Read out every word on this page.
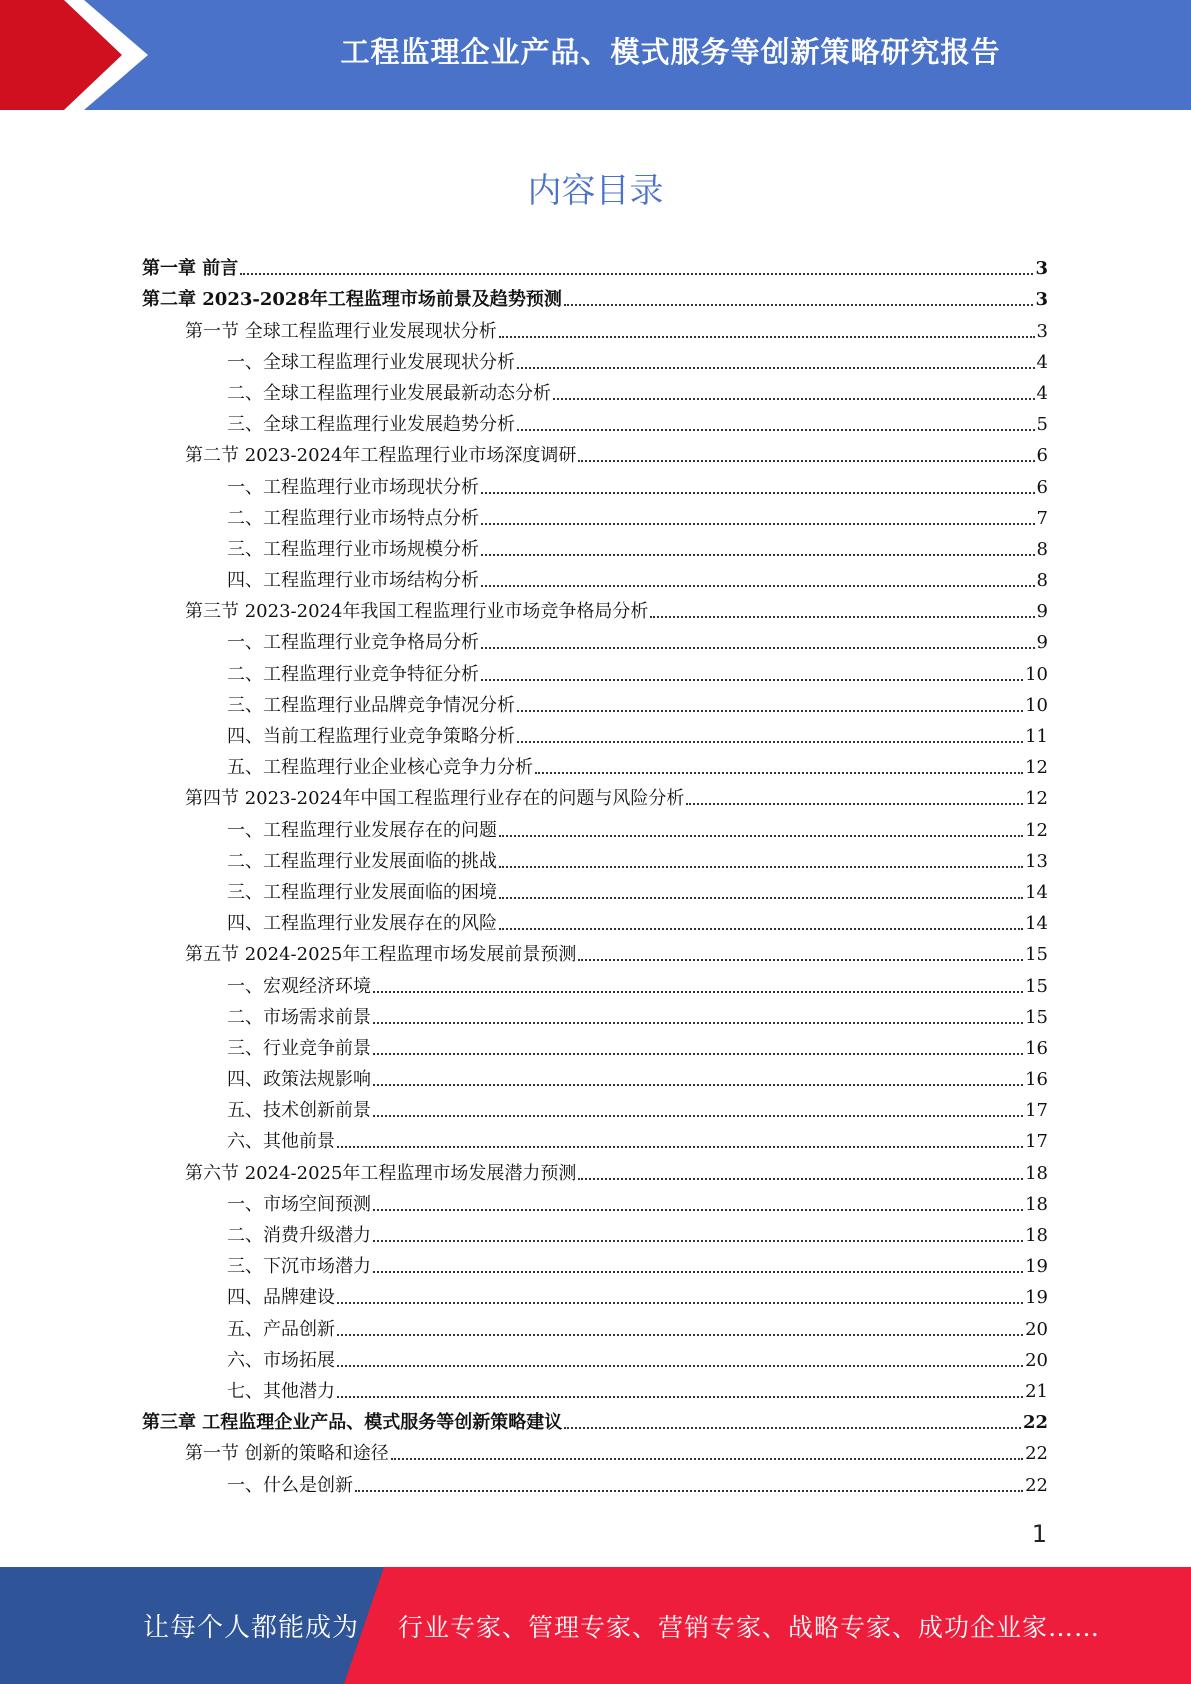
工程监理企业产品、模式服务等创新策略研究报告
内容目录
第一章 前言	3
第二章 2023-2028年工程监理市场前景及趋势预测	3
第一节 全球工程监理行业发展现状分析	3
一、全球工程监理行业发展现状分析	4
二、全球工程监理行业发展最新动态分析	4
三、全球工程监理行业发展趋势分析	5
第二节 2023-2024年工程监理行业市场深度调研	6
一、工程监理行业市场现状分析	6
二、工程监理行业市场特点分析	7
三、工程监理行业市场规模分析	8
四、工程监理行业市场结构分析	8
第三节 2023-2024年我国工程监理行业市场竞争格局分析	9
一、工程监理行业竞争格局分析	9
二、工程监理行业竞争特征分析	10
三、工程监理行业品牌竞争情况分析	10
四、当前工程监理行业竞争策略分析	11
五、工程监理行业企业核心竞争力分析	12
第四节 2023-2024年中国工程监理行业存在的问题与风险分析	12
一、工程监理行业发展存在的问题	12
二、工程监理行业发展面临的挑战	13
三、工程监理行业发展面临的困境	14
四、工程监理行业发展存在的风险	14
第五节 2024-2025年工程监理市场发展前景预测	15
一、宏观经济环境	15
二、市场需求前景	15
三、行业竞争前景	16
四、政策法规影响	16
五、技术创新前景	17
六、其他前景	17
第六节 2024-2025年工程监理市场发展潜力预测	18
一、市场空间预测	18
二、消费升级潜力	18
三、下沉市场潜力	19
四、品牌建设	19
五、产品创新	20
六、市场拓展	20
七、其他潜力	21
第三章 工程监理企业产品、模式服务等创新策略建议	22
第一节 创新的策略和途径	22
一、什么是创新	22
1
让每个人都能成为 行业专家、管理专家、营销专家、战略专家、成功企业家……
